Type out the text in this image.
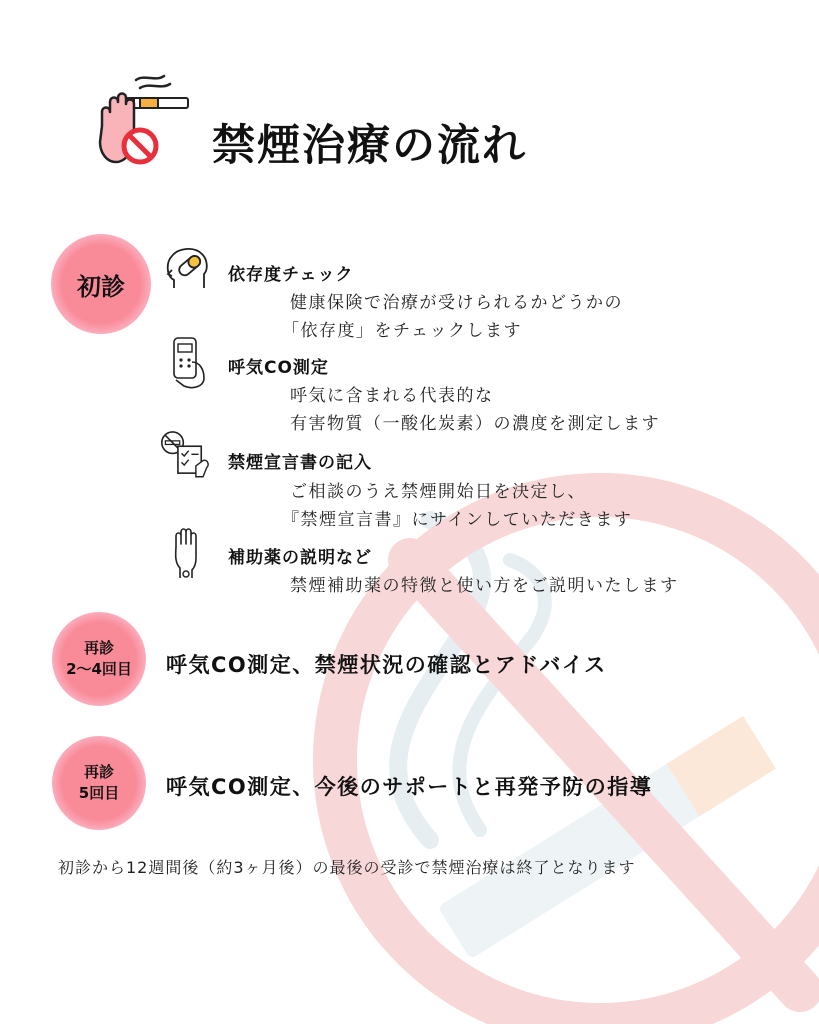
禁煙治療の流れ
初診	依存度チェック
健康保険で治療が受けられるかどうかの
「依存度」をチェックします
呼気CO測定
呼気に含まれる代表的な
有害物質（一酸化炭素）の濃度を測定します
禁煙宣言書の記入
ご相談のうえ禁煙開始日を決定し、
『禁煙宣言書』にサインしていただきます
補助薬の説明など
禁煙補助薬の特徴と使い方をご説明いたします
再診
2～4回目 呼気CO測定、禁煙状況の確認とアドバイス
再診
5回目 呼気CO測定、今後のサポートと再発予防の指導
初診から12週間後（約3ヶ月後）の最後の受診で禁煙治療は終了となります
